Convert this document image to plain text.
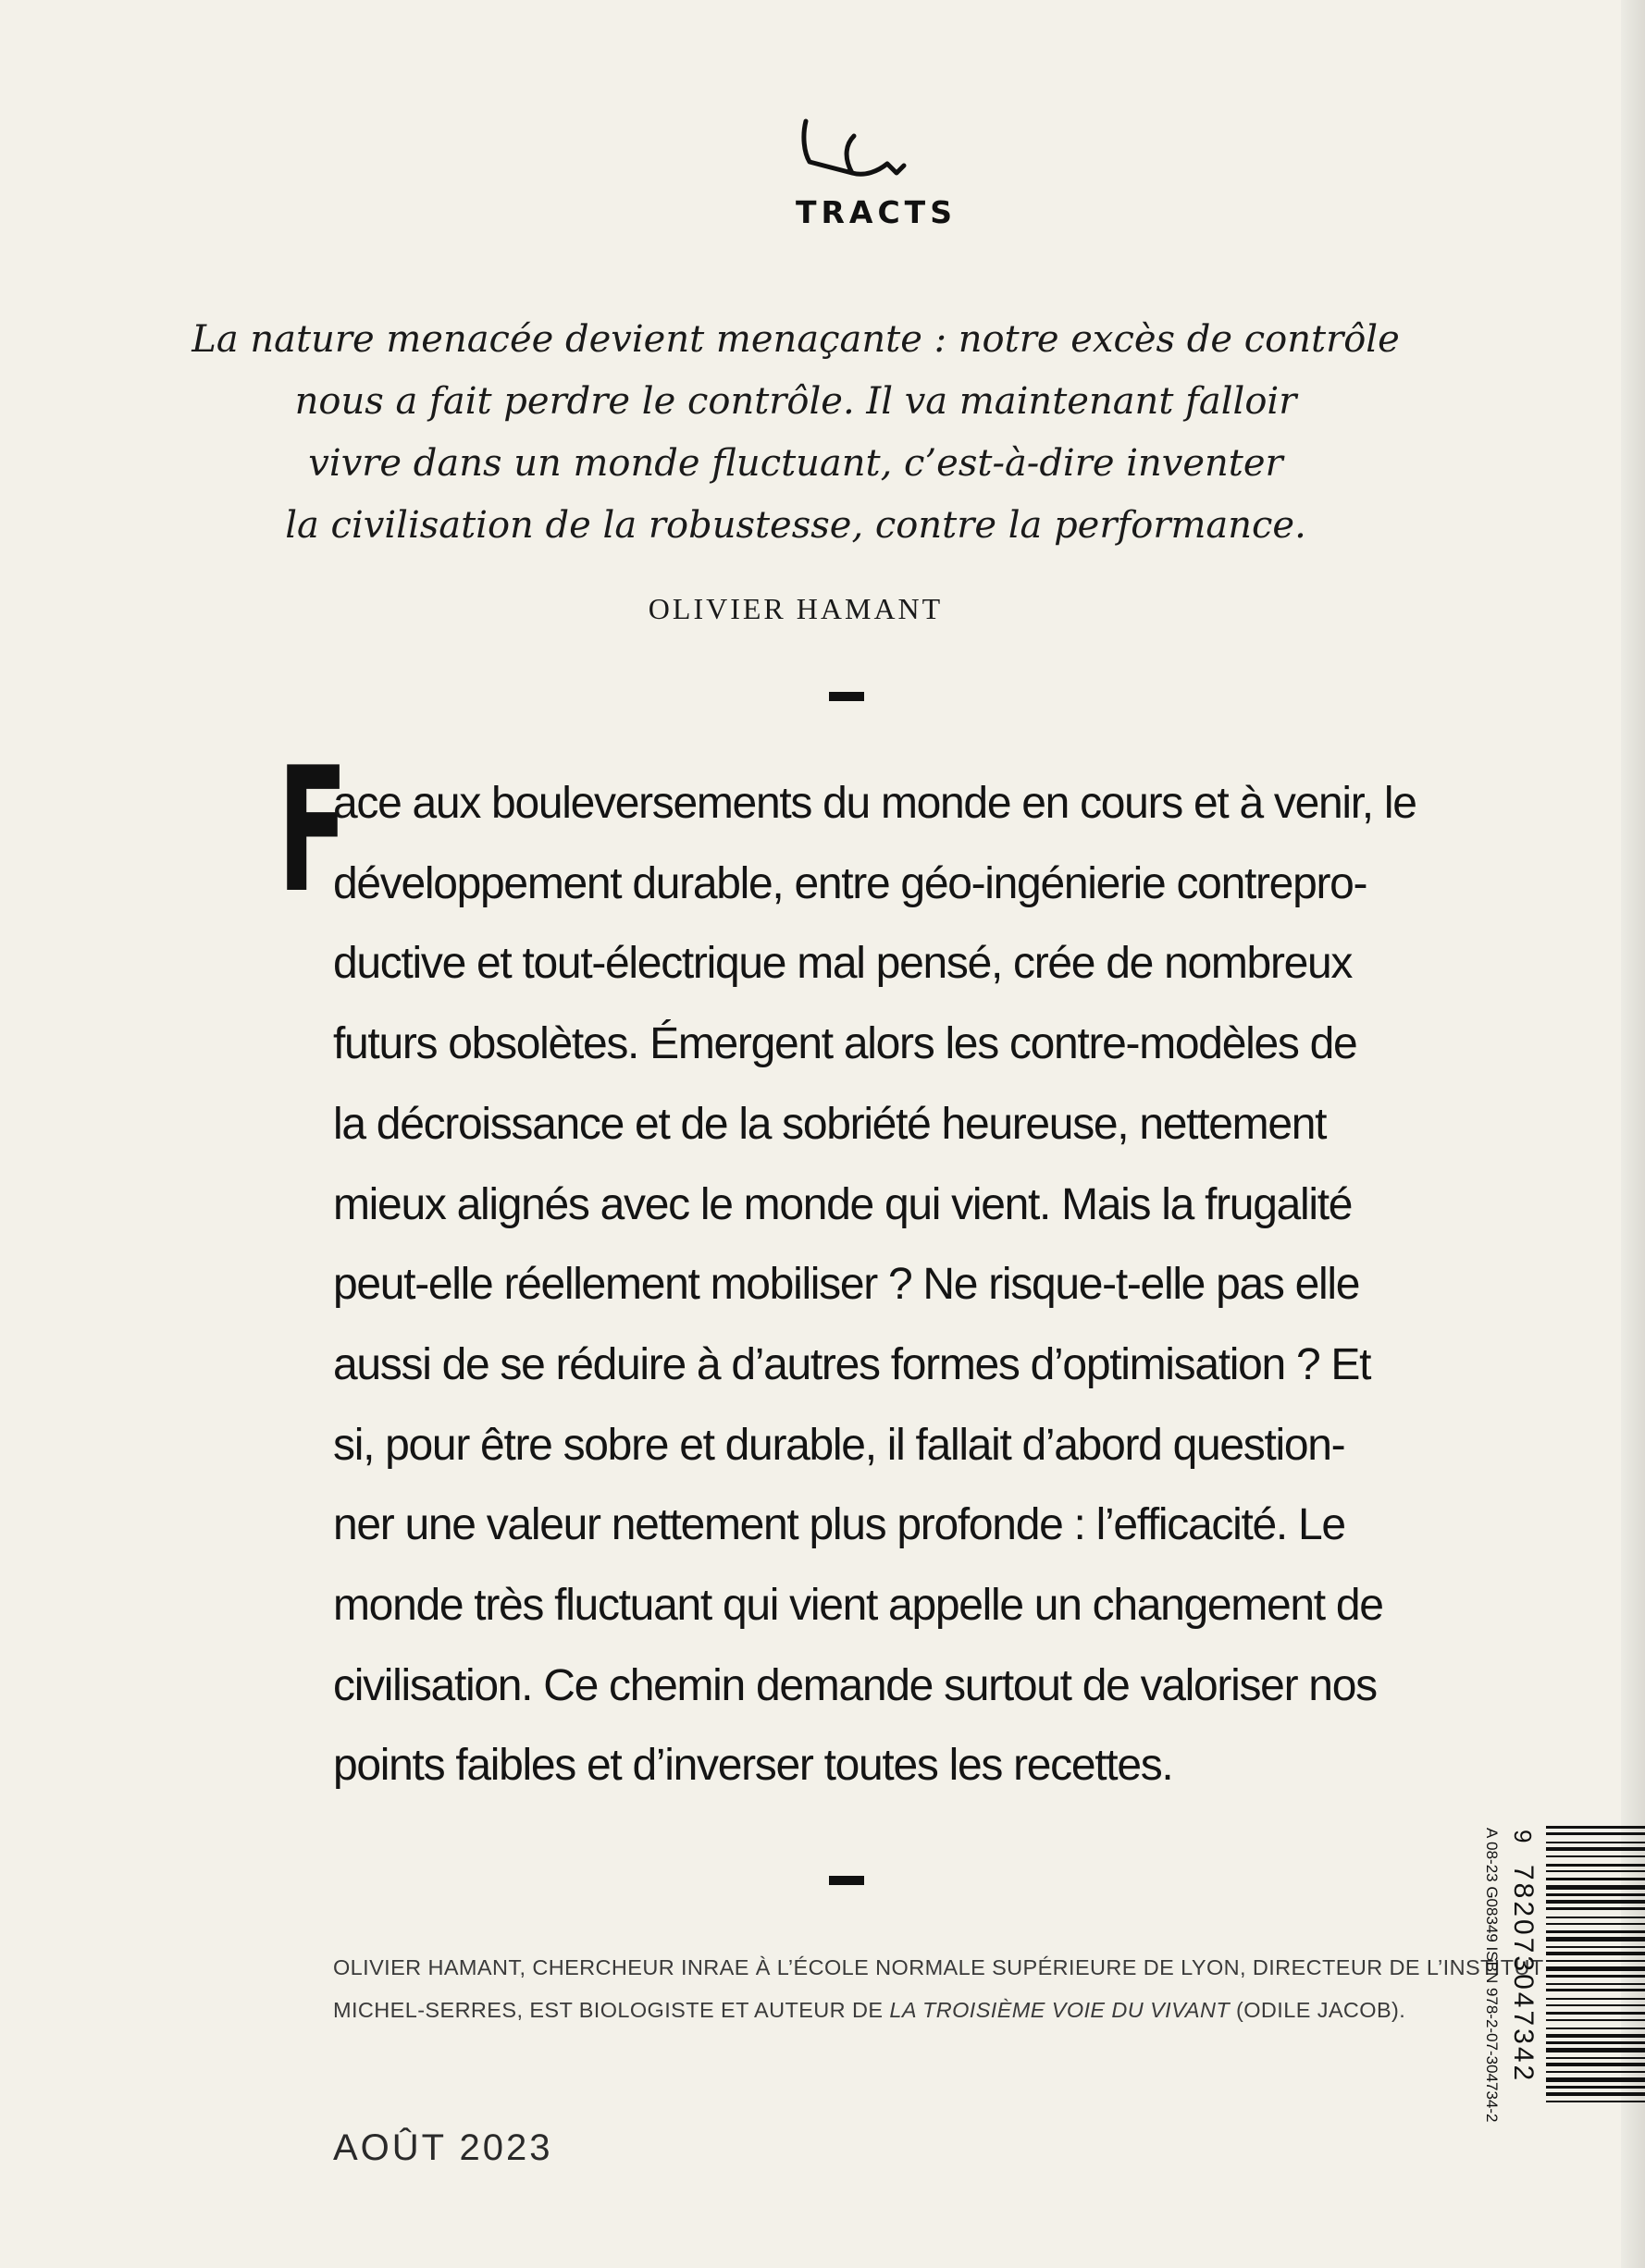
TRACTS
La nature menacée devient menaçante : notre excès de contrôle
nous a fait perdre le contrôle. Il va maintenant falloir
vivre dans un monde fluctuant, c’est-à-dire inventer
la civilisation de la robustesse, contre la performance.
OLIVIER HAMANT
F
ace aux bouleversements du monde en cours et à venir, le
développement durable, entre géo-ingénierie contrepro-
ductive et tout-électrique mal pensé, crée de nombreux
futurs obsolètes. Émergent alors les contre-modèles de
la décroissance et de la sobriété heureuse, nettement
mieux alignés avec le monde qui vient. Mais la frugalité
peut-elle réellement mobiliser ? Ne risque-t-elle pas elle
aussi de se réduire à d’autres formes d’optimisation ? Et
si, pour être sobre et durable, il fallait d’abord question-
ner une valeur nettement plus profonde : l’efficacité. Le
monde très fluctuant qui vient appelle un changement de
civilisation. Ce chemin demande surtout de valoriser nos
points faibles et d’inverser toutes les recettes.
OLIVIER HAMANT, CHERCHEUR INRAE À L’ÉCOLE NORMALE SUPÉRIEURE DE LYON, DIRECTEUR DE L’INSTITUT
MICHEL-SERRES, EST BIOLOGISTE ET AUTEUR DE LA TROISIÈME VOIE DU VIVANT (ODILE JACOB).
AOÛT 2023
9
782073047342
A 08-23 G08349 ISBN 978-2-07-304734-2
